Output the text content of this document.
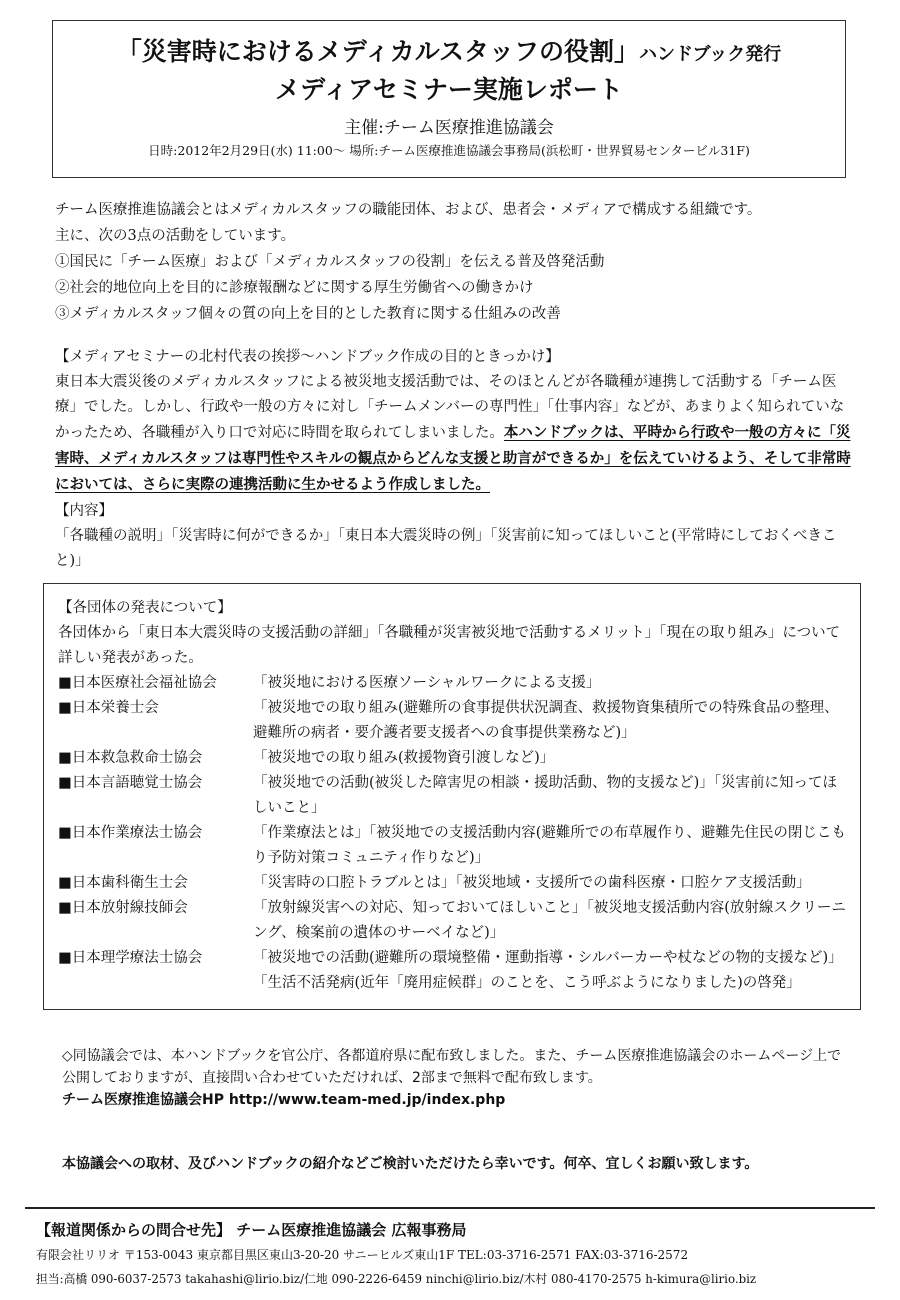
「災害時におけるメディカルスタッフの役割」ハンドブック発行
メディアセミナー実施レポート
主催:チーム医療推進協議会
日時:2012年2月29日(水) 11:00〜 場所:チーム医療推進協議会事務局(浜松町・世界貿易センタービル31F)
チーム医療推進協議会とはメディカルスタッフの職能団体、および、患者会・メディアで構成する組織です。
主に、次の3点の活動をしています。
①国民に「チーム医療」および「メディカルスタッフの役割」を伝える普及啓発活動
②社会的地位向上を目的に診療報酬などに関する厚生労働省への働きかけ
③メディカルスタッフ個々の質の向上を目的とした教育に関する仕組みの改善
【メディアセミナーの北村代表の挨拶〜ハンドブック作成の目的ときっかけ】
東日本大震災後のメディカルスタッフによる被災地支援活動では、そのほとんどが各職種が連携して活動する「チーム医療」でした。しかし、行政や一般の方々に対し「チームメンバーの専門性」「仕事内容」などが、あまりよく知られていなかったため、各職種が入り口で対応に時間を取られてしまいました。本ハンドブックは、平時から行政や一般の方々に「災害時、メディカルスタッフは専門性やスキルの観点からどんな支援と助言ができるか」を伝えていけるよう、そして非常時においては、さらに実際の連携活動に生かせるよう作成しました。
【内容】
「各職種の説明」「災害時に何ができるか」「東日本大震災時の例」「災害前に知ってほしいこと(平常時にしておくべきこと)」
【各団体の発表について】
各団体から「東日本大震災時の支援活動の詳細」「各職種が災害被災地で活動するメリット」「現在の取り組み」について詳しい発表があった。
■日本医療社会福祉協会	「被災地における医療ソーシャルワークによる支援」
■日本栄養士会	「被災地での取り組み(避難所の食事提供状況調査、救援物資集積所での特殊食品の整理、避難所の病者・要介護者要支援者への食事提供業務など)」
■日本救急救命士協会	「被災地での取り組み(救援物資引渡しなど)」
■日本言語聴覚士協会	「被災地での活動(被災した障害児の相談・援助活動、物的支援など)」「災害前に知ってほしいこと」
■日本作業療法士協会	「作業療法とは」「被災地での支援活動内容(避難所での布草履作り、避難先住民の閉じこもり予防対策コミュニティ作りなど)」
■日本歯科衛生士会	「災害時の口腔トラブルとは」「被災地域・支援所での歯科医療・口腔ケア支援活動」
■日本放射線技師会	「放射線災害への対応、知っておいてほしいこと」「被災地支援活動内容(放射線スクリーニング、検案前の遺体のサーベイなど)」
■日本理学療法士協会	「被災地での活動(避難所の環境整備・運動指導・シルバーカーや杖などの物的支援など)」「生活不活発病(近年「廃用症候群」のことを、こう呼ぶようになりました)の啓発」
◇同協議会では、本ハンドブックを官公庁、各都道府県に配布致しました。また、チーム医療推進協議会のホームページ上で公開しておりますが、直接問い合わせていただければ、2部まで無料で配布致します。
チーム医療推進協議会HP http://www.team-med.jp/index.php
本協議会への取材、及びハンドブックの紹介などご検討いただけたら幸いです。何卒、宜しくお願い致します。
【報道関係からの問合せ先】 チーム医療推進協議会 広報事務局
有限会社リリオ 〒153-0043 東京都目黒区東山3-20-20 サニーヒルズ東山1F TEL:03-3716-2571 FAX:03-3716-2572
担当:高橋 090-6037-2573 takahashi@lirio.biz/仁地 090-2226-6459 ninchi@lirio.biz/木村 080-4170-2575 h-kimura@lirio.biz
